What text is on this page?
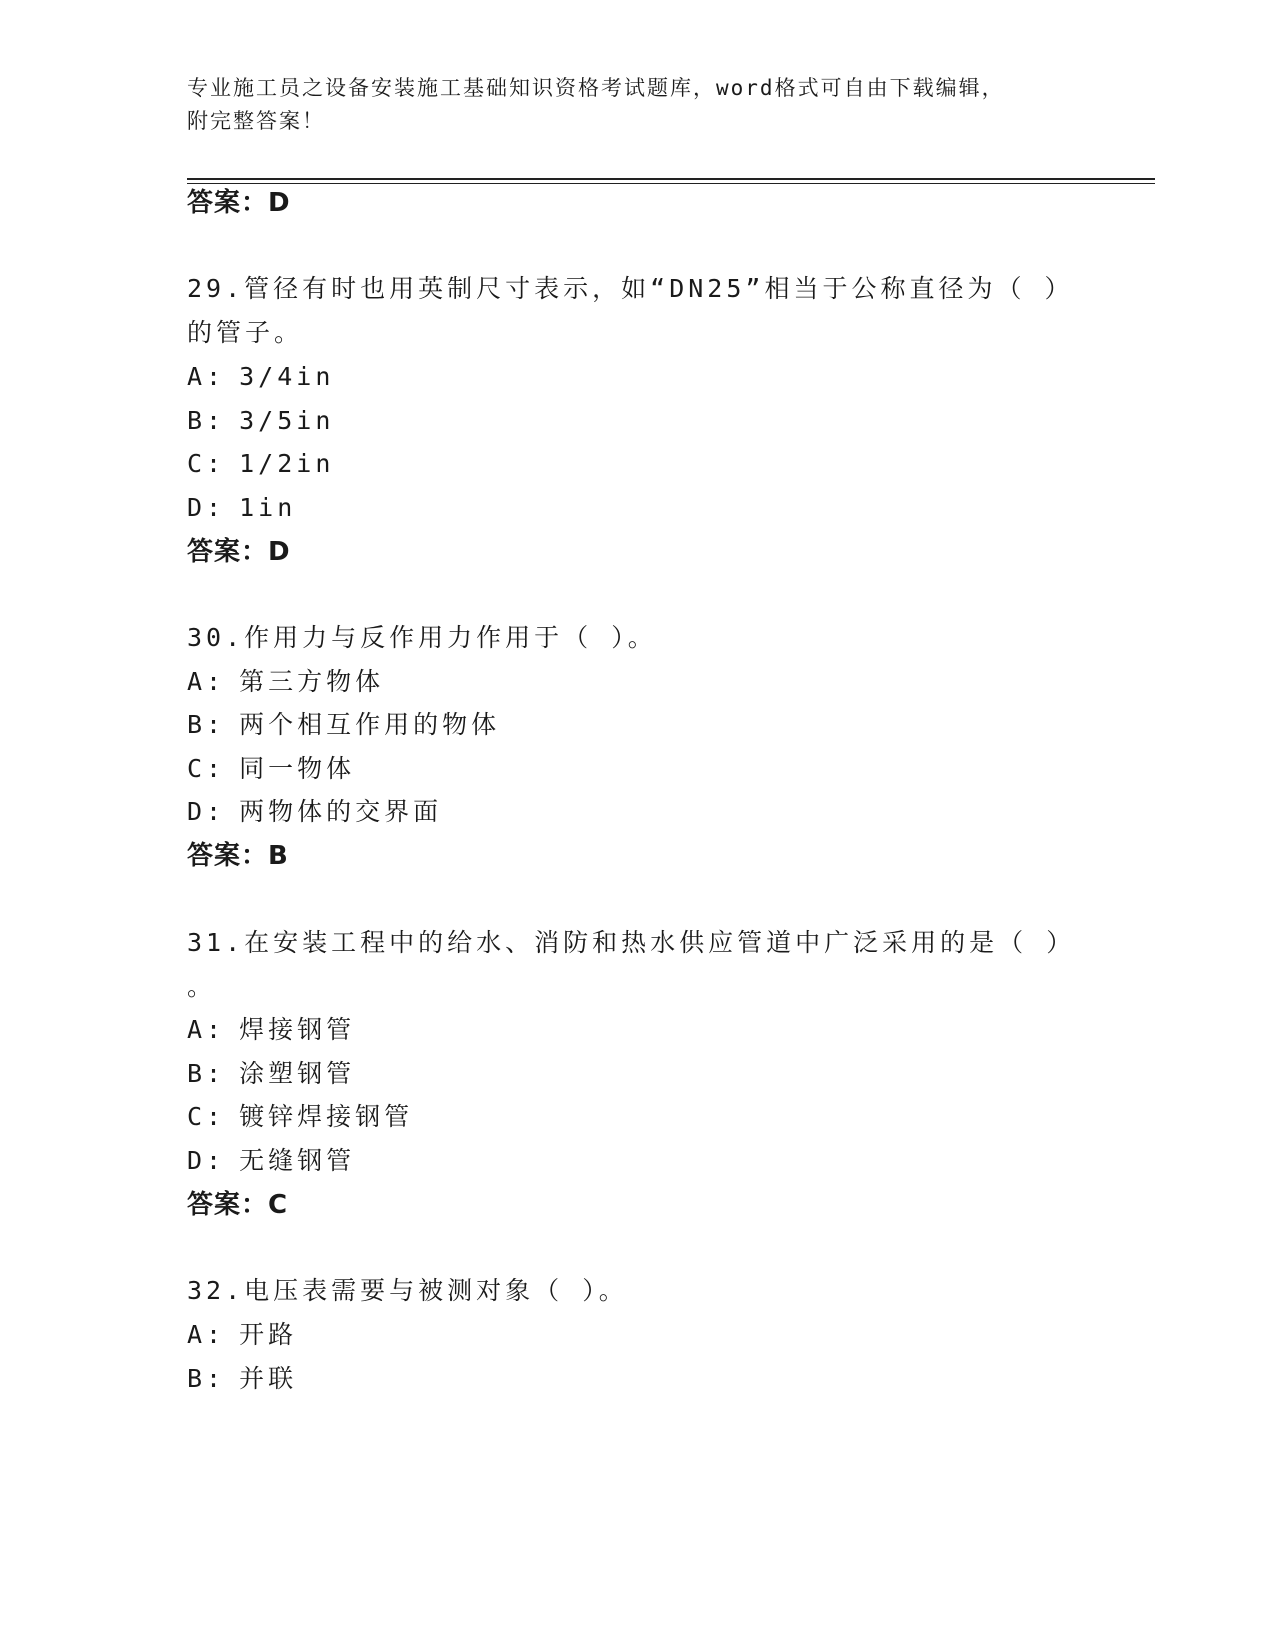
专业施工员之设备安装施工基础知识资格考试题库，word格式可自由下载编辑，
附完整答案！
答案：D
29.管径有时也用英制尺寸表示，如“DN25”相当于公称直径为（ ）
的管子。
A: 3/4in
B: 3/5in
C: 1/2in
D: 1in
答案：D
30.作用力与反作用力作用于（ ）。
A: 第三方物体
B: 两个相互作用的物体
C: 同一物体
D: 两物体的交界面
答案：B
31.在安装工程中的给水、消防和热水供应管道中广泛采用的是（ ）
。
A: 焊接钢管
B: 涂塑钢管
C: 镀锌焊接钢管
D: 无缝钢管
答案：C
32.电压表需要与被测对象（ ）。
A: 开路
B: 并联
